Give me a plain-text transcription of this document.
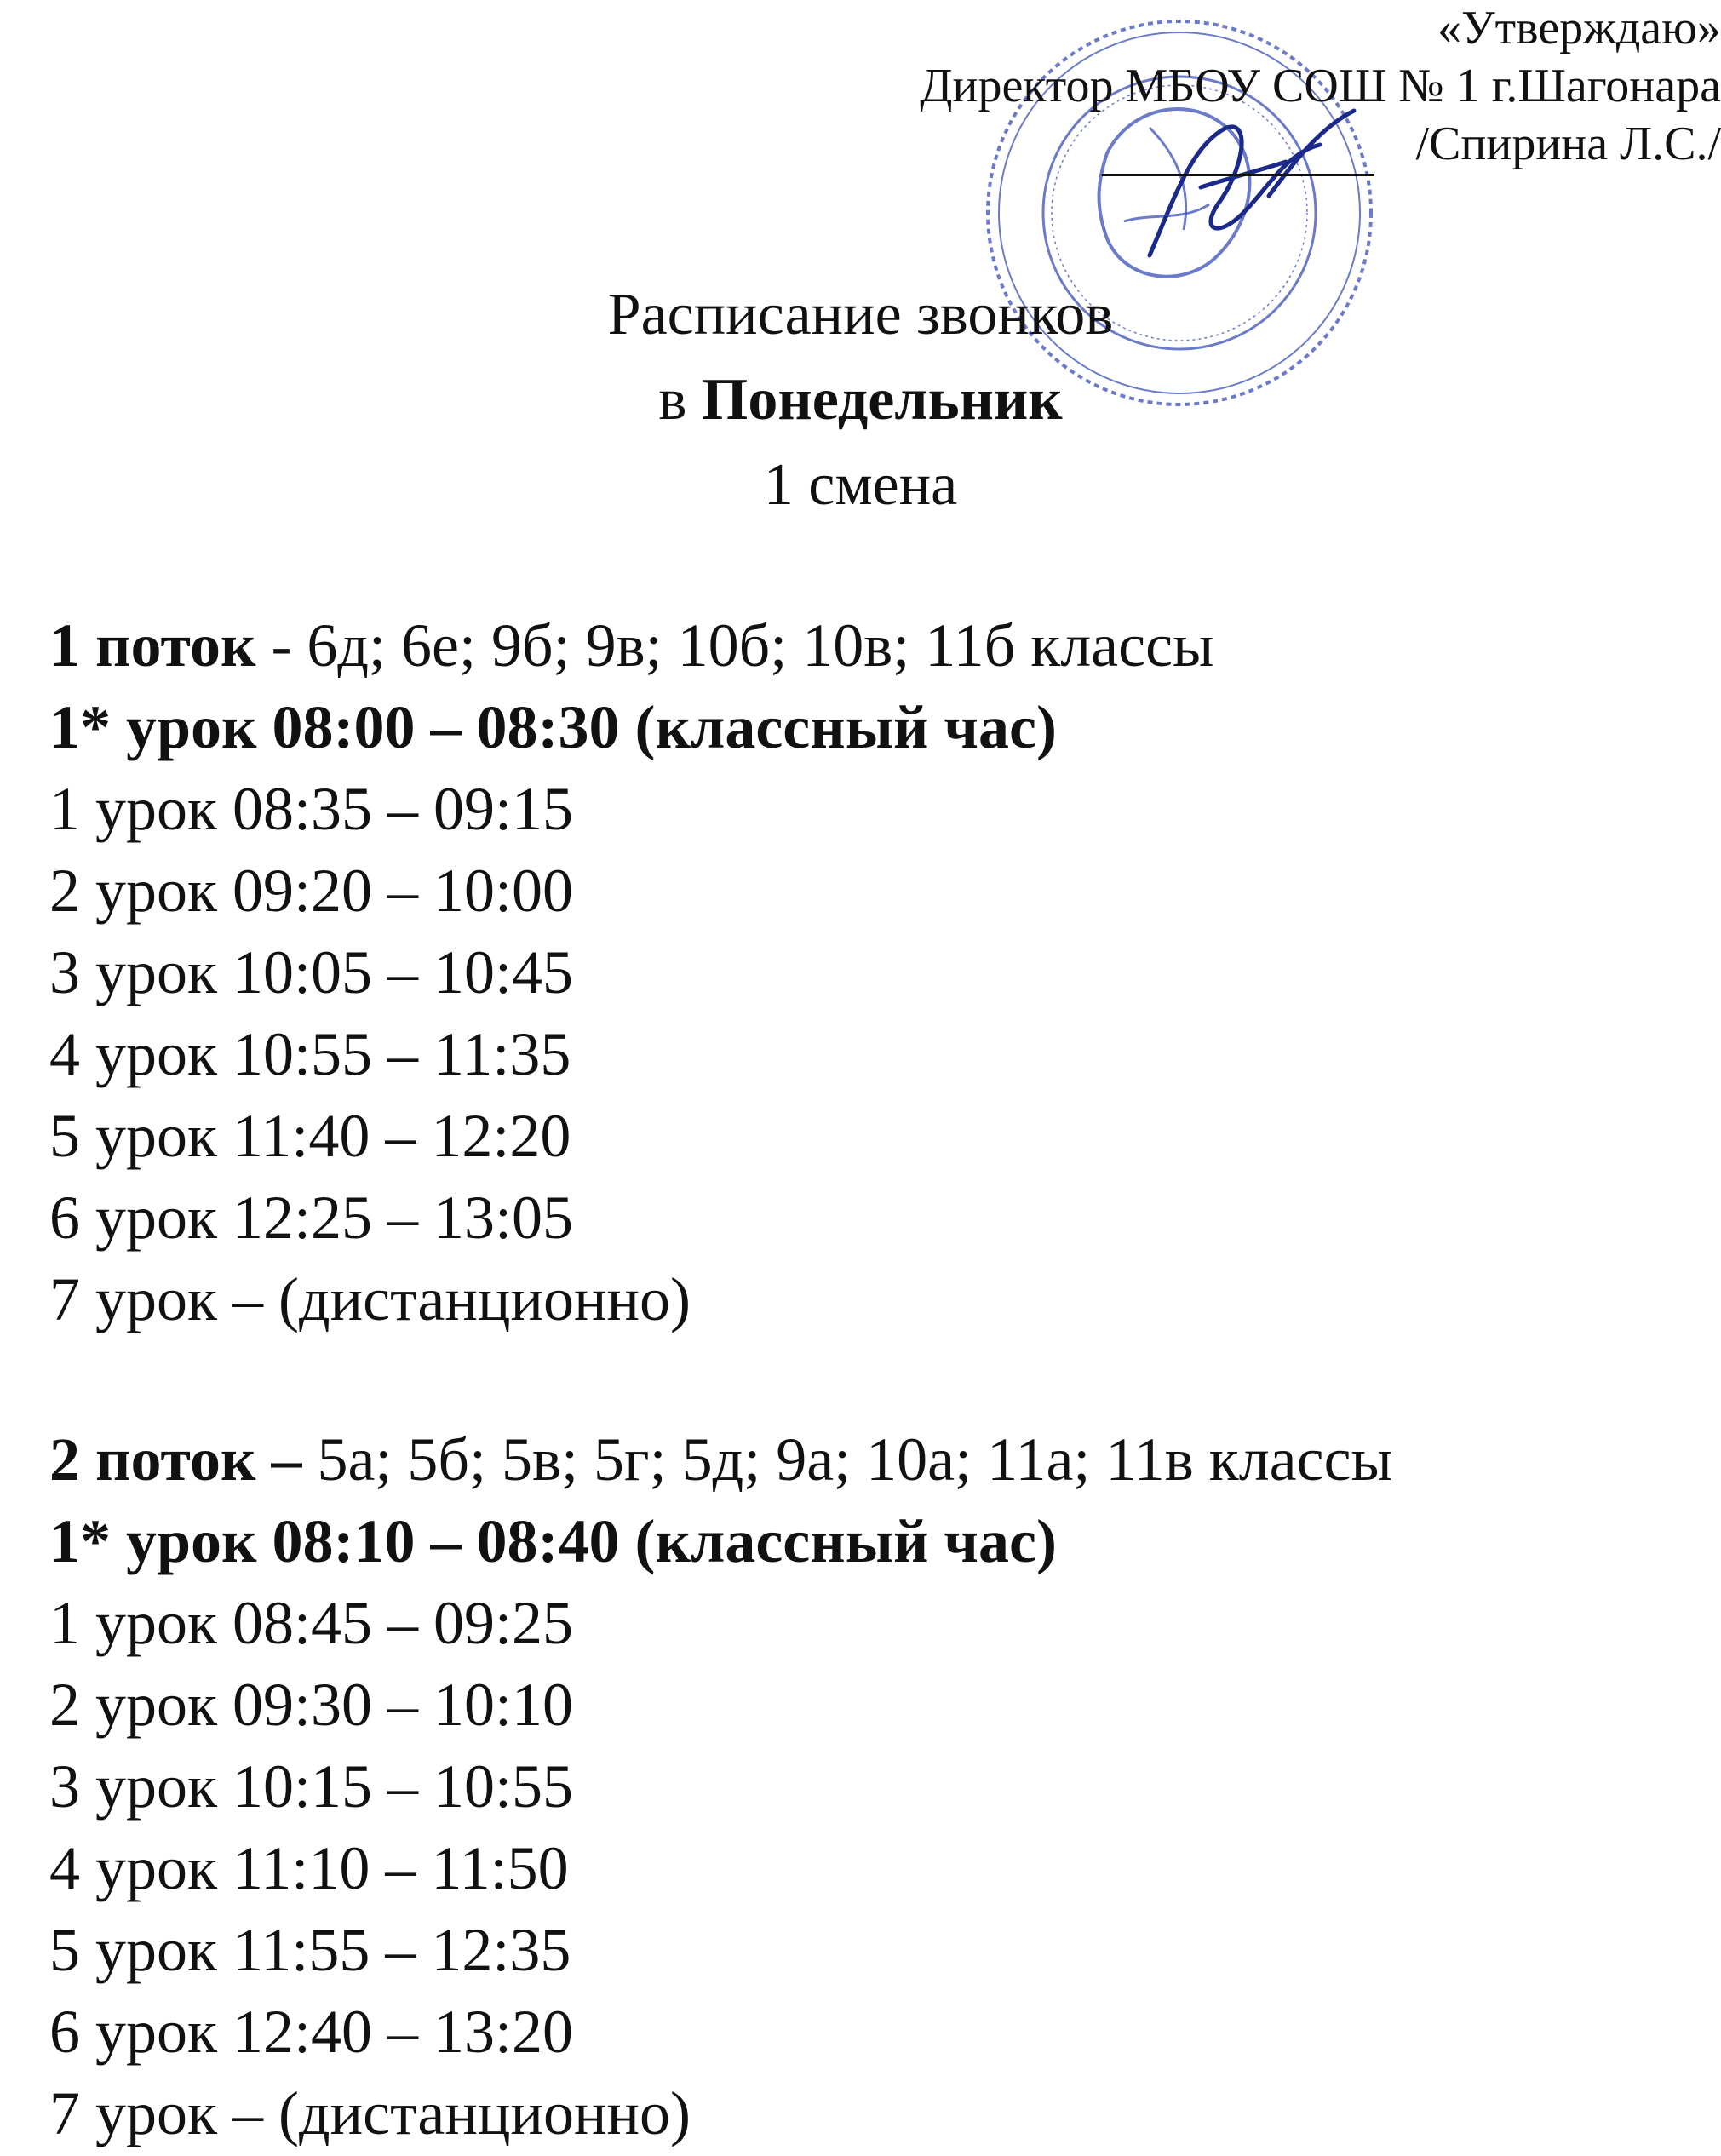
«Утверждаю»
Директор МБОУ СОШ № 1 г.Шагонара
/Спирина Л.С./
Расписание звонков
в Понедельник
1 смена
1 поток - 6д; 6е; 9б; 9в; 10б; 10в; 11б классы
1* урок 08:00 – 08:30 (классный час)
1 урок 08:35 – 09:15
2 урок 09:20 – 10:00
3 урок 10:05 – 10:45
4 урок 10:55 – 11:35
5 урок 11:40 – 12:20
6 урок 12:25 – 13:05
7 урок – (дистанционно)
2 поток – 5а; 5б; 5в; 5г; 5д; 9а; 10а; 11а; 11в классы
1* урок 08:10 – 08:40 (классный час)
1 урок 08:45 – 09:25
2 урок 09:30 – 10:10
3 урок 10:15 – 10:55
4 урок 11:10 – 11:50
5 урок 11:55 – 12:35
6 урок 12:40 – 13:20
7 урок – (дистанционно)
